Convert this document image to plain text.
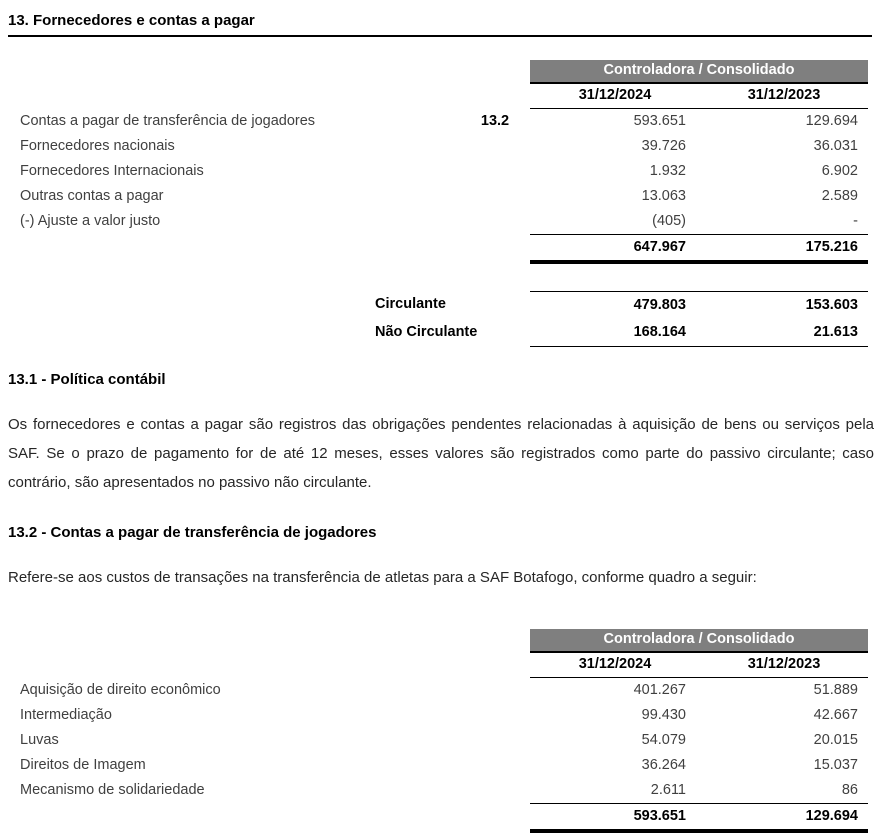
13. Fornecedores e contas a pagar
Controladora / Consolidado
31/12/2024	31/12/2023
Contas a pagar de transferência de jogadores	13.2	593.651	129.694
Fornecedores nacionais	39.726	36.031
Fornecedores Internacionais	1.932	6.902
Outras contas a pagar	13.063	2.589
(-) Ajuste a valor justo	(405)	-
647.967	175.216
Circulante	479.803	153.603
Não Circulante	168.164	21.613
13.1 - Política contábil
Os fornecedores e contas a pagar são registros das obrigações pendentes relacionadas à aquisição de bens ou serviços pela SAF. Se o prazo de pagamento for de até 12 meses, esses valores são registrados como parte do passivo circulante; caso contrário, são apresentados no passivo não circulante.
13.2 - Contas a pagar de transferência de jogadores
Refere-se aos custos de transações na transferência de atletas para a SAF Botafogo, conforme quadro a seguir:
Controladora / Consolidado
31/12/2024	31/12/2023
Aquisição de direito econômico	401.267	51.889
Intermediação	99.430	42.667
Luvas	54.079	20.015
Direitos de Imagem	36.264	15.037
Mecanismo de solidariedade	2.611	86
593.651	129.694
